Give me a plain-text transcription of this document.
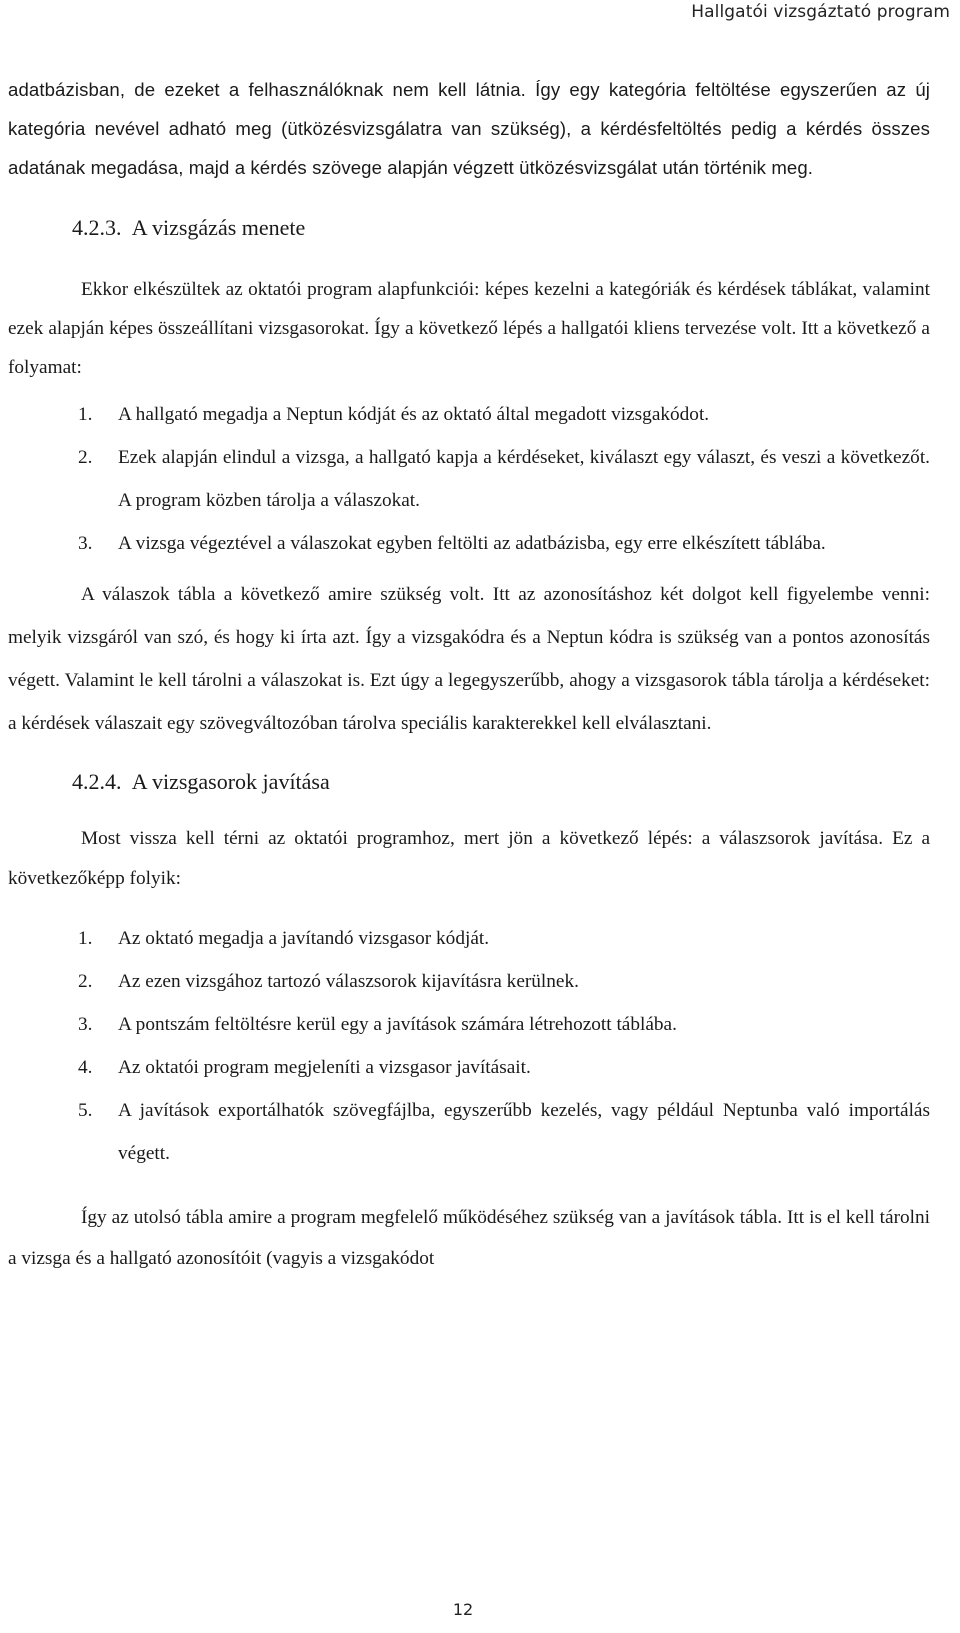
Hallgatói vizsgáztató program

adatbázisban, de ezeket a felhasználóknak nem kell látnia. Így egy kategória feltöltése egyszerűen az új kategória nevével adható meg (ütközésvizsgálatra van szükség), a kérdésfeltöltés pedig a kérdés összes adatának megadása, majd a kérdés szövege alapján végzett ütközésvizsgálat után történik meg.

4.2.3. A vizsgázás menete

Ekkor elkészültek az oktatói program alapfunkciói: képes kezelni a kategóriák és kérdések táblákat, valamint ezek alapján képes összeállítani vizsgasorokat. Így a következő lépés a hallgatói kliens tervezése volt. Itt a következő a folyamat:

1. A hallgató megadja a Neptun kódját és az oktató által megadott vizsgakódot.
2. Ezek alapján elindul a vizsga, a hallgató kapja a kérdéseket, kiválaszt egy választ, és veszi a következőt. A program közben tárolja a válaszokat.
3. A vizsga végeztével a válaszokat egyben feltölti az adatbázisba, egy erre elkészített táblába.

A válaszok tábla a következő amire szükség volt. Itt az azonosításhoz két dolgot kell figyelembe venni: melyik vizsgáról van szó, és hogy ki írta azt. Így a vizsgakódra és a Neptun kódra is szükség van a pontos azonosítás végett. Valamint le kell tárolni a válaszokat is. Ezt úgy a legegyszerűbb, ahogy a vizsgasorok tábla tárolja a kérdéseket: a kérdések válaszait egy szövegváltozóban tárolva speciális karakterekkel kell elválasztani.

4.2.4. A vizsgasorok javítása

Most vissza kell térni az oktatói programhoz, mert jön a következő lépés: a válaszsorok javítása. Ez a következőképp folyik:

1. Az oktató megadja a javítandó vizsgasor kódját.
2. Az ezen vizsgához tartozó válaszsorok kijavításra kerülnek.
3. A pontszám feltöltésre kerül egy a javítások számára létrehozott táblába.
4. Az oktatói program megjeleníti a vizsgasor javításait.
5. A javítások exportálhatók szövegfájlba, egyszerűbb kezelés, vagy például Neptunba való importálás végett.

Így az utolsó tábla amire a program megfelelő működéséhez szükség van a javítások tábla. Itt is el kell tárolni a vizsga és a hallgató azonosítóit (vagyis a vizsgakódot

12
